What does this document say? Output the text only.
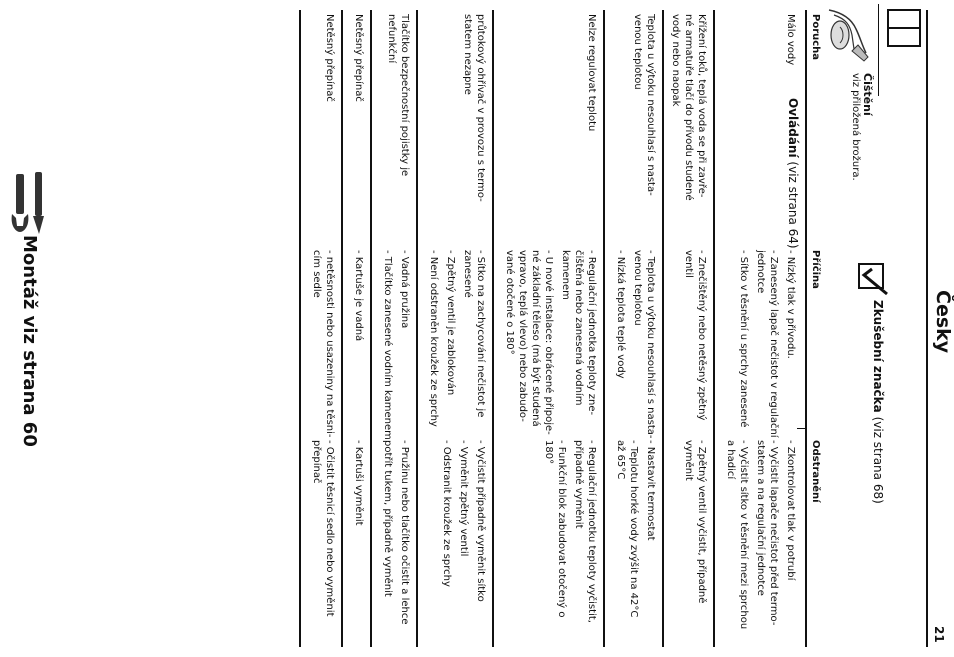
Česky
21
Zkušební značka (viz strana 68)
Ovládání (viz strana 64)
Čištění
viz přiložená brožura.
Porucha
Příčina
Odstranění
Málo vody
- Nízký tlak v přívodu.
- Zanesený lapač nečistot v regulační
jednotce
- Sítko v těsnění u sprchy zanesené
- Zkontrolovat tlak v potrubí
- Vyčistit lapače nečistot před termo-
statem a na regulační jednotce
- Vyčistit sítko v těsnění mezi sprchou
a hadicí
Křížení toků, teplá voda se při zavře-
né armatuře tlačí do přívodu studené
vody nebo naopak
- Znečištěný nebo netěsný zpětný
ventil
- Zpětný ventil vyčistit, případně
vyměnit
Teplota u výtoku nesouhlasí s nasta-
venou teplotou
- Teplota u výtoku nesouhlasí s nasta-
venou teplotou
- Nízká teplota teplé vody
- Nastavit termostat
- Teplotu horké vody zvýšit na 42°C
až 65°C
Nelze regulovat teplotu
- Regulační jednotka teploty zne-
čištěná nebo zanesená vodním
kamenem
- U nové instalace: obrácené připoje-
né základní těleso (má být studená
vpravo, teplá vlevo) nebo zabudo-
vané otočené o 180°
- Regulační jednotku teploty vyčistit,
případně vyměnit
- Funkční blok zabudovat otočený o
180°
průtokový ohřívač v provozu s termo-
statem nezapne
- Sítko na zachycování nečistot je
zanesené
- Zpětný ventil je zablokován
- Není odstraněn kroužek ze sprchy
- Vyčistit případně vyměnit sítko
- Vyměnit zpětný ventil
- Odstranit kroužek ze sprchy
Tlačítko bezpečnostní pojistky je
nefunkční
- Vadná pružina
- Tlačítko zanesené vodním kamenem
- Pružinu nebo tlačítko očistit a lehce
potřít tukem, případně vyměnit
Netěsný přepínač
- Kartuše je vadná
- Kartuši vyměnit
Netěsný přepínač
- netěsnosti nebo usazeniny na těsni-
cím sedle
- Očistit těsnicí sedlo nebo vyměnit
přepínač
Montáž viz strana 60
